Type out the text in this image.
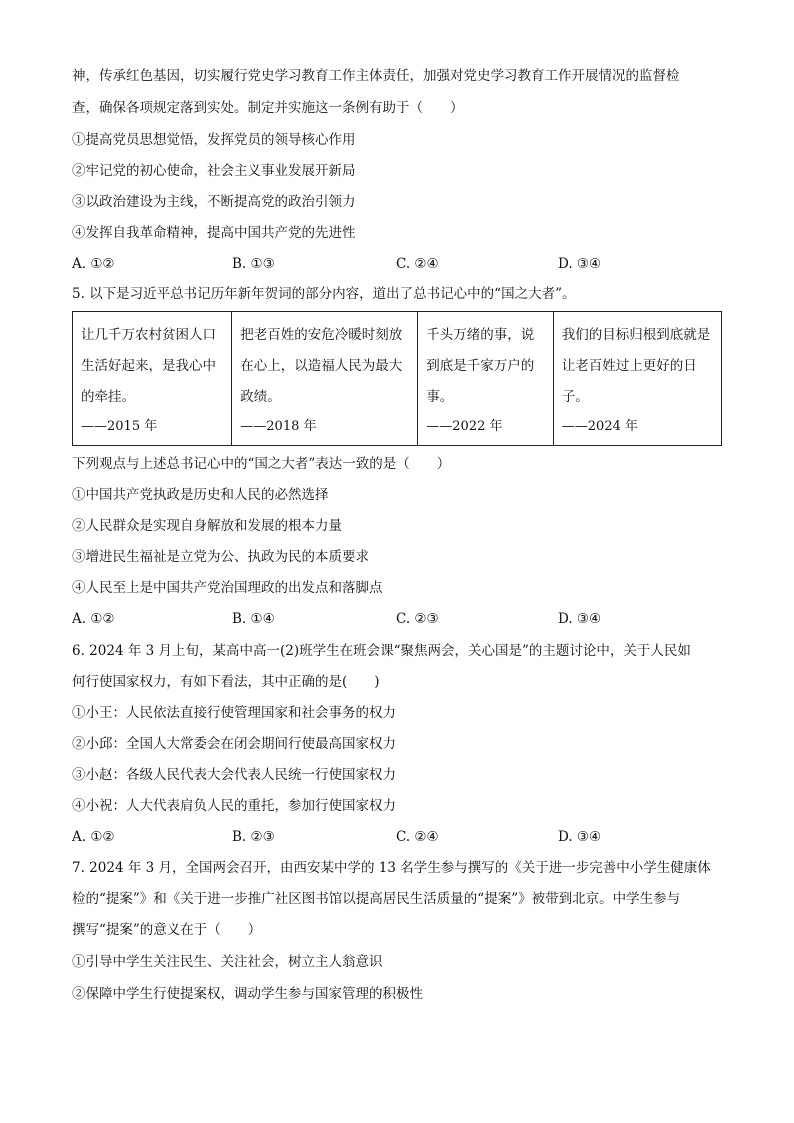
神，传承红色基因，切实履行党史学习教育工作主体责任，加强对党史学习教育工作开展情况的监督检
查，确保各项规定落到实处。制定并实施这一条例有助于（　　）
①提高党员思想觉悟，发挥党员的领导核心作用
②牢记党的初心使命，社会主义事业发展开新局
③以政治建设为主线，不断提高党的政治引领力
④发挥自我革命精神，提高中国共产党的先进性
A. ①②	B. ①③	C. ②④	D. ③④
5. 以下是习近平总书记历年新年贺词的部分内容，道出了总书记心中的“国之大者”。
让几千万农村贫困人口生活好起来，是我心中的牵挂。
——2015 年

把老百姓的安危冷暖时刻放在心上，以造福人民为最大政绩。
——2018 年

千头万绪的事，说到底是千家万户的事。
——2022 年

我们的目标归根到底就是让老百姓过上更好的日子。
——2024 年
下列观点与上述总书记心中的“国之大者”表达一致的是（　　）
①中国共产党执政是历史和人民的必然选择
②人民群众是实现自身解放和发展的根本力量
③增进民生福祉是立党为公、执政为民的本质要求
④人民至上是中国共产党治国理政的出发点和落脚点
A. ①②	B. ①④	C. ②③	D. ③④
6. 2024 年 3 月上旬，某高中高一(2)班学生在班会课“聚焦两会，关心国是”的主题讨论中，关于人民如
何行使国家权力，有如下看法，其中正确的是(　　)
①小王：人民依法直接行使管理国家和社会事务的权力
②小邱：全国人大常委会在闭会期间行使最高国家权力
③小赵：各级人民代表大会代表人民统一行使国家权力
④小祝：人大代表肩负人民的重托，参加行使国家权力
A. ①②	B. ②③	C. ②④	D. ③④
7. 2024 年 3 月，全国两会召开，由西安某中学的 13 名学生参与撰写的《关于进一步完善中小学生健康体
检的“提案”》和《关于进一步推广社区图书馆以提高居民生活质量的“提案”》被带到北京。中学生参与
撰写“提案”的意义在于（　　）
①引导中学生关注民生、关注社会，树立主人翁意识
②保障中学生行使提案权，调动学生参与国家管理的积极性
